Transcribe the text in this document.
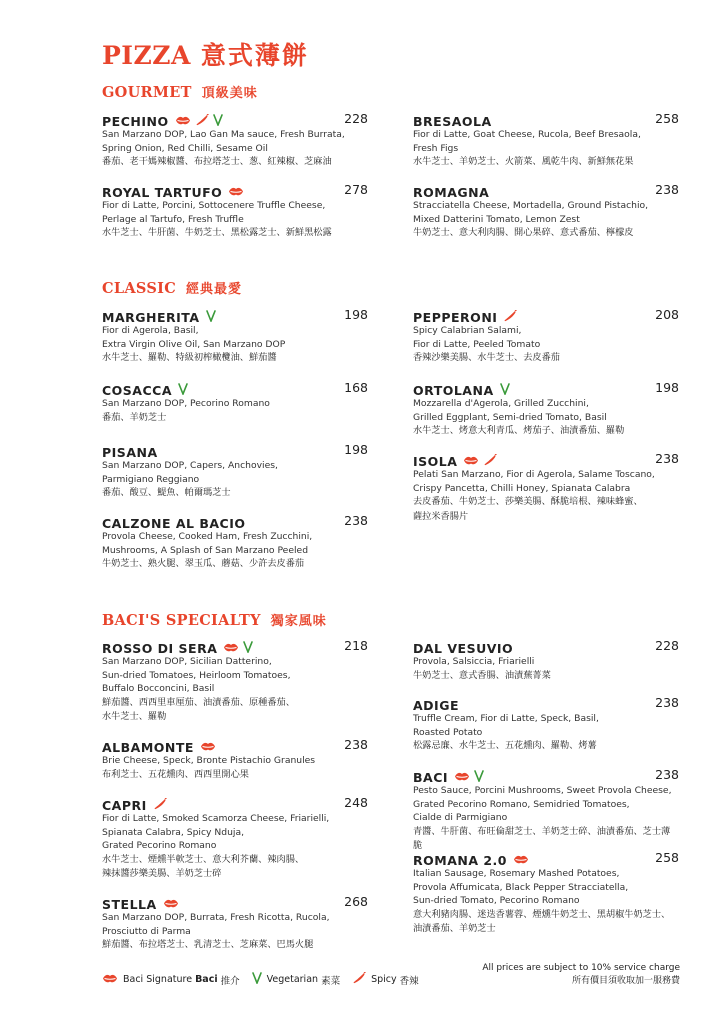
PIZZA 意式薄餅
GOURMET 頂級美味
CLASSIC 經典最愛
BACI'S SPECIALTY 獨家風味
PECHINO	228
San Marzano DOP, Lao Gan Ma sauce, Fresh Burrata,
Spring Onion, Red Chilli, Sesame Oil
番茄、老干媽辣椒醬、布拉塔芝士、葱、紅辣椒、芝麻油
ROYAL TARTUFO	278
Fior di Latte, Porcini, Sottocenere Truffle Cheese,
Perlage al Tartufo, Fresh Truffle
水牛芝士、牛肝菌、牛奶芝士、黑松露芝士、新鮮黑松露
BRESAOLA	258
Fior di Latte, Goat Cheese, Rucola, Beef Bresaola,
Fresh Figs
水牛芝士、羊奶芝士、火箭菜、風乾牛肉、新鮮無花果
ROMAGNA	238
Stracciatella Cheese, Mortadella, Ground Pistachio,
Mixed Datterini Tomato, Lemon Zest
牛奶芝士、意大利肉腸、開心果碎、意式番茄、檸檬皮
MARGHERITA	198
Fior di Agerola, Basil,
Extra Virgin Olive Oil, San Marzano DOP
水牛芝士、羅勒、特級初榨橄欖油、鮮茄醬
COSACCA	168
San Marzano DOP, Pecorino Romano
番茄、羊奶芝士
PISANA	198
San Marzano DOP, Capers, Anchovies,
Parmigiano Reggiano
番茄、酸豆、鯷魚、帕爾瑪芝士
CALZONE AL BACIO	238
Provola Cheese, Cooked Ham, Fresh Zucchini,
Mushrooms, A Splash of San Marzano Peeled
牛奶芝士、熟火腿、翠玉瓜、蘑菇、少許去皮番茄
PEPPERONI	208
Spicy Calabrian Salami,
Fior di Latte, Peeled Tomato
香辣沙樂美腸、水牛芝士、去皮番茄
ORTOLANA	198
Mozzarella d'Agerola, Grilled Zucchini,
Grilled Eggplant, Semi-dried Tomato, Basil
水牛芝士、烤意大利青瓜、烤茄子、油漬番茄、羅勒
ISOLA	238
Pelati San Marzano, Fior di Agerola, Salame Toscano,
Crispy Pancetta, Chilli Honey, Spianata Calabra
去皮番茄、牛奶芝士、莎樂美腸、酥脆培根、辣味蜂蜜、
薩拉米香腸片
ROSSO DI SERA	218
San Marzano DOP, Sicilian Datterino,
Sun-dried Tomatoes, Heirloom Tomatoes,
Buffalo Bocconcini, Basil
鮮茄醬、西西里車厘茄、油漬番茄、原種番茄、
水牛芝士、羅勒
ALBAMONTE	238
Brie Cheese, Speck, Bronte Pistachio Granules
布利芝士、五花燻肉、西西里開心果
CAPRI	248
Fior di Latte, Smoked Scamorza Cheese, Friarielli,
Spianata Calabra, Spicy Nduja,
Grated Pecorino Romano
水牛芝士、煙燻半軟芝士、意大利芥蘭、辣肉腸、
辣抹醬莎樂美腸、羊奶芝士碎
STELLA	268
San Marzano DOP, Burrata, Fresh Ricotta, Rucola,
Prosciutto di Parma
鮮茄醬、布拉塔芝士、乳清芝士、芝麻菜、巴馬火腿
DAL VESUVIO	228
Provola, Salsiccia, Friarielli
牛奶芝士、意式香腸、油漬蕪菁菜
ADIGE	238
Truffle Cream, Fior di Latte, Speck, Basil,
Roasted Potato
松露忌廉、水牛芝士、五花燻肉、羅勒、烤薯
BACI	238
Pesto Sauce, Porcini Mushrooms, Sweet Provola Cheese,
Grated Pecorino Romano, Semidried Tomatoes,
Cialde di Parmigiano
青醬、牛肝菌、布旺倫甜芝士、羊奶芝士碎、油漬番茄、芝士薄脆
ROMANA 2.0	258
Italian Sausage, Rosemary Mashed Potatoes,
Provola Affumicata, Black Pepper Stracciatella,
Sun-dried Tomato, Pecorino Romano
意大利豬肉腸、迷迭香薯蓉、煙燻牛奶芝士、黑胡椒牛奶芝士、
油漬番茄、羊奶芝士
Baci Signature Baci 推介	Vegetarian
素菜	Spicy
香辣
All prices are subject to 10% service charge
所有價目須收取加一服務費
